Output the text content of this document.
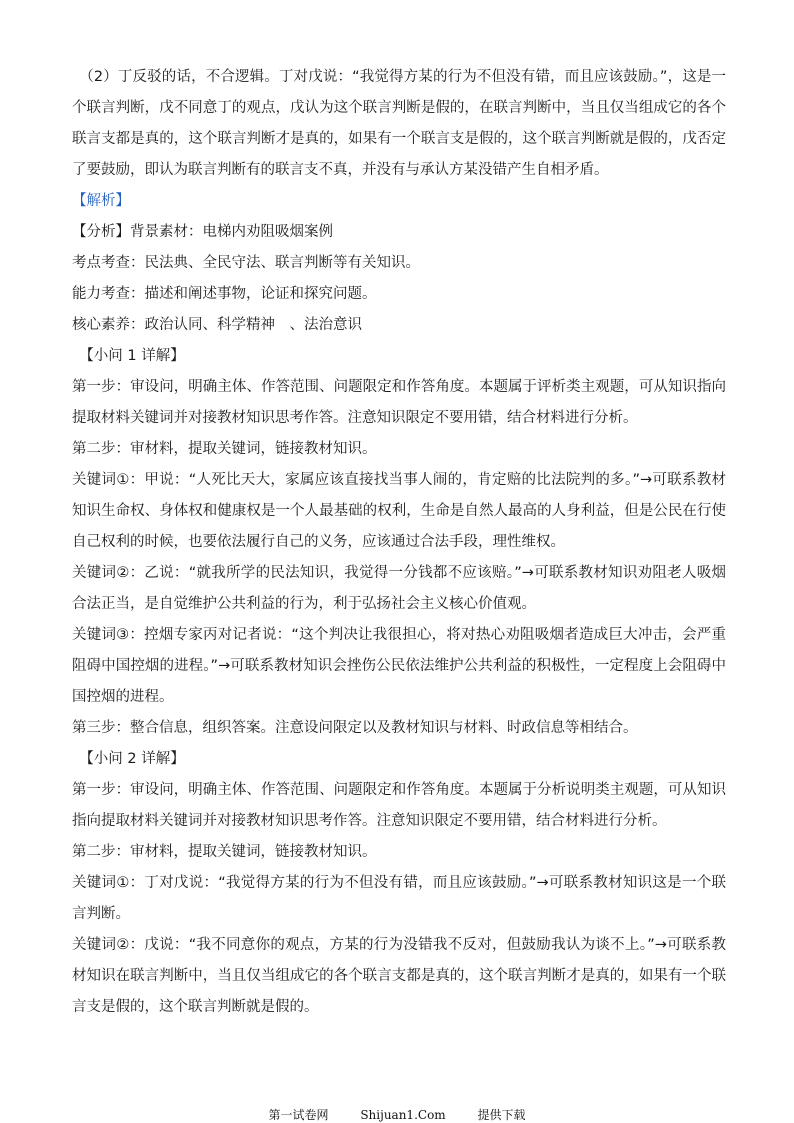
（2）丁反驳的话，不合逻辑。丁对戊说：“我觉得方某的行为不但没有错，而且应该鼓励。”，这是一个联言判断，戊不同意丁的观点，戊认为这个联言判断是假的，在联言判断中，当且仅当组成它的各个联言支都是真的，这个联言判断才是真的，如果有一个联言支是假的，这个联言判断就是假的，戊否定了要鼓励，即认为联言判断有的联言支不真，并没有与承认方某没错产生自相矛盾。

【解析】

【分析】背景素材：电梯内劝阻吸烟案例

考点考查：民法典、全民守法、联言判断等有关知识。

能力考查：描述和阐述事物，论证和探究问题。

核心素养：政治认同、科学精神　、法治意识

【小问 1 详解】

第一步：审设问，明确主体、作答范围、问题限定和作答角度。本题属于评析类主观题，可从知识指向提取材料关键词并对接教材知识思考作答。注意知识限定不要用错，结合材料进行分析。

第二步：审材料，提取关键词，链接教材知识。

关键词①：甲说：“人死比天大，家属应该直接找当事人闹的，肯定赔的比法院判的多。”→可联系教材知识生命权、身体权和健康权是一个人最基础的权利，生命是自然人最高的人身利益，但是公民在行使自己权利的时候，也要依法履行自己的义务，应该通过合法手段，理性维权。

关键词②：乙说：“就我所学的民法知识，我觉得一分钱都不应该赔。”→可联系教材知识劝阻老人吸烟合法正当，是自觉维护公共利益的行为，利于弘扬社会主义核心价值观。

关键词③：控烟专家丙对记者说：“这个判决让我很担心，将对热心劝阻吸烟者造成巨大冲击，会严重阻碍中国控烟的进程。”→可联系教材知识会挫伤公民依法维护公共利益的积极性，一定程度上会阻碍中国控烟的进程。

第三步：整合信息，组织答案。注意设问限定以及教材知识与材料、时政信息等相结合。

【小问 2 详解】

第一步：审设问，明确主体、作答范围、问题限定和作答角度。本题属于分析说明类主观题，可从知识指向提取材料关键词并对接教材知识思考作答。注意知识限定不要用错，结合材料进行分析。

第二步：审材料，提取关键词，链接教材知识。

关键词①：丁对戊说：“我觉得方某的行为不但没有错，而且应该鼓励。”→可联系教材知识这是一个联言判断。

关键词②：戊说：“我不同意你的观点，方某的行为没错我不反对，但鼓励我认为谈不上。”→可联系教材知识在联言判断中，当且仅当组成它的各个联言支都是真的，这个联言判断才是真的，如果有一个联言支是假的，这个联言判断就是假的。

第一试卷网	Shijuan1.Com	提供下载
